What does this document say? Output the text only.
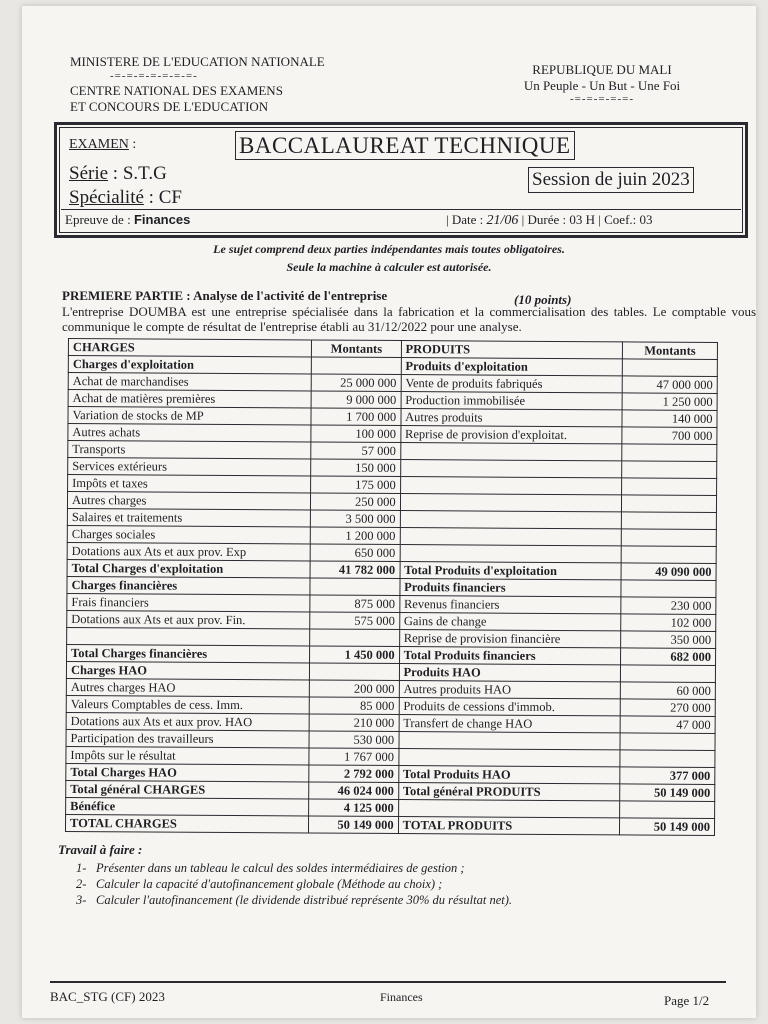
MINISTERE DE L'EDUCATION NATIONALE
-=-=-=-=-=-=-=-
CENTRE NATIONAL DES EXAMENS
ET CONCOURS DE L'EDUCATION
REPUBLIQUE DU MALI
Un Peuple - Un But - Une Foi
-=-=-=-=-=-
EXAMEN :	BACCALAUREAT TECHNIQUE
Série : S.T.G
Spécialité : CF
Session de juin 2023
Epreuve de : Finances	| Date : 21/06 | Durée : 03 H | Coef.: 03
Le sujet comprend deux parties indépendantes mais toutes obligatoires.
Seule la machine à calculer est autorisée.
PREMIERE PARTIE : Analyse de l'activité de l'entreprise	(10 points)
L'entreprise DOUMBA est une entreprise spécialisée dans la fabrication et la commercialisation des tables. Le comptable vous communique le compte de résultat de l'entreprise établi au 31/12/2022 pour une analyse.
CHARGES	Montants	PRODUITS	Montants
Charges d'exploitation		Produits d'exploitation	
Achat de marchandises	25 000 000	Vente de produits fabriqués	47 000 000
Achat de matières premières	9 000 000	Production immobilisée	1 250 000
Variation de stocks de MP	1 700 000	Autres produits	140 000
Autres achats	100 000	Reprise de provision d'exploitat.	700 000
Transports	57 000		
Services extérieurs	150 000		
Impôts et taxes	175 000		
Autres charges	250 000		
Salaires et traitements	3 500 000		
Charges sociales	1 200 000		
Dotations aux Ats et aux prov. Exp	650 000		
Total Charges d'exploitation	41 782 000	Total Produits d'exploitation	49 090 000
Charges financières		Produits financiers	
Frais financiers	875 000	Revenus financiers	230 000
Dotations aux Ats et aux prov. Fin.	575 000	Gains de change	102 000
		Reprise de provision financière	350 000
Total Charges financières	1 450 000	Total Produits financiers	682 000
Charges HAO		Produits HAO	
Autres charges HAO	200 000	Autres produits HAO	60 000
Valeurs Comptables de cess. Imm.	85 000	Produits de cessions d'immob.	270 000
Dotations aux Ats et aux prov. HAO	210 000	Transfert de change HAO	47 000
Participation des travailleurs	530 000		
Impôts sur le résultat	1 767 000		
Total Charges HAO	2 792 000	Total Produits HAO	377 000
Total général CHARGES	46 024 000	Total général PRODUITS	50 149 000
Bénéfice	4 125 000		
TOTAL CHARGES	50 149 000	TOTAL PRODUITS	50 149 000
Travail à faire :
1- Présenter dans un tableau le calcul des soldes intermédiaires de gestion ;
2- Calculer la capacité d'autofinancement globale (Méthode au choix) ;
3- Calculer l'autofinancement (le dividende distribué représente 30% du résultat net).
BAC_STG (CF) 2023	Finances	Page 1/2
